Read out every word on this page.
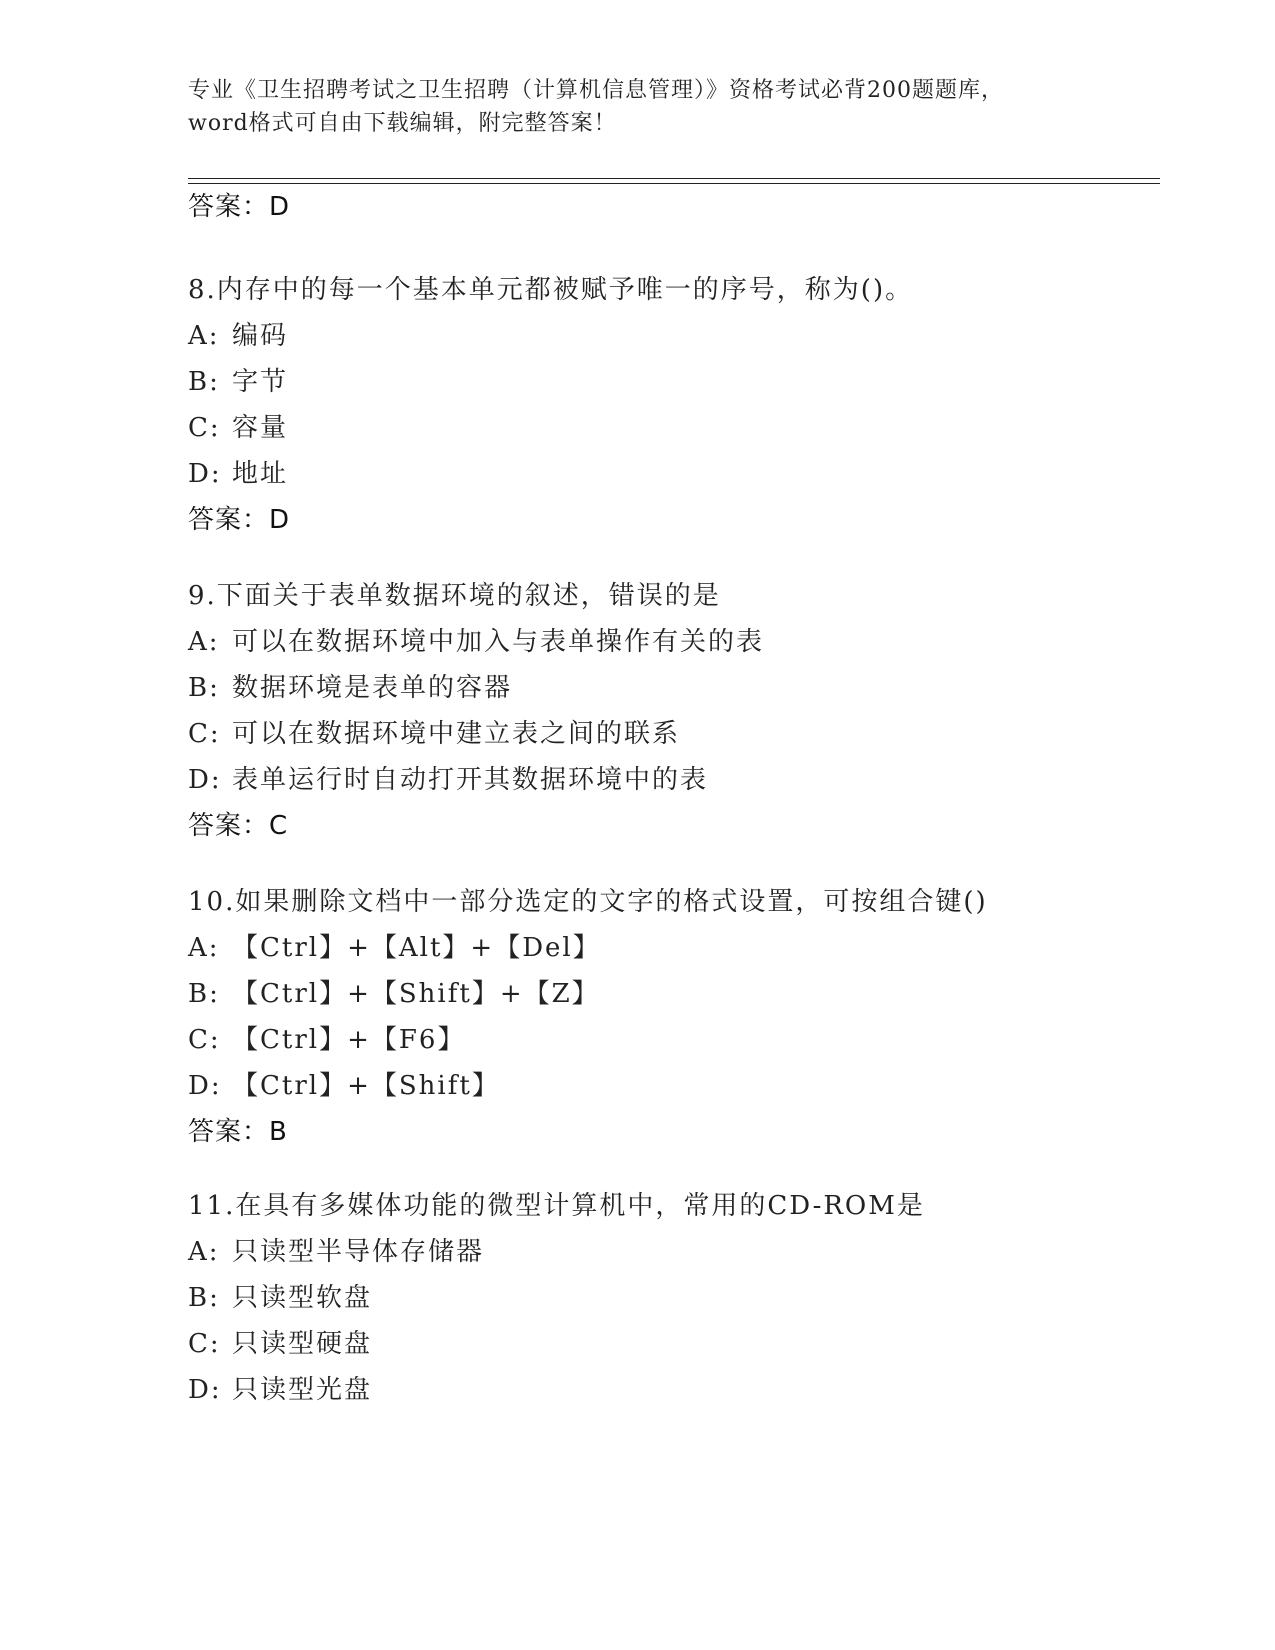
专业《卫生招聘考试之卫生招聘（计算机信息管理）》资格考试必背200题题库，
word格式可自由下载编辑，附完整答案！
答案：D
8.内存中的每一个基本单元都被赋予唯一的序号，称为()。
A: 编码
B: 字节
C: 容量
D: 地址
答案：D
9.下面关于表单数据环境的叙述，错误的是
A: 可以在数据环境中加入与表单操作有关的表
B: 数据环境是表单的容器
C: 可以在数据环境中建立表之间的联系
D: 表单运行时自动打开其数据环境中的表
答案：C
10.如果删除文档中一部分选定的文字的格式设置，可按组合键()
A: 【Ctrl】+【Alt】+【Del】
B: 【Ctrl】+【Shift】+【Z】
C: 【Ctrl】+【F6】
D: 【Ctrl】+【Shift】
答案：B
11.在具有多媒体功能的微型计算机中，常用的CD-ROM是
A: 只读型半导体存储器
B: 只读型软盘
C: 只读型硬盘
D: 只读型光盘
